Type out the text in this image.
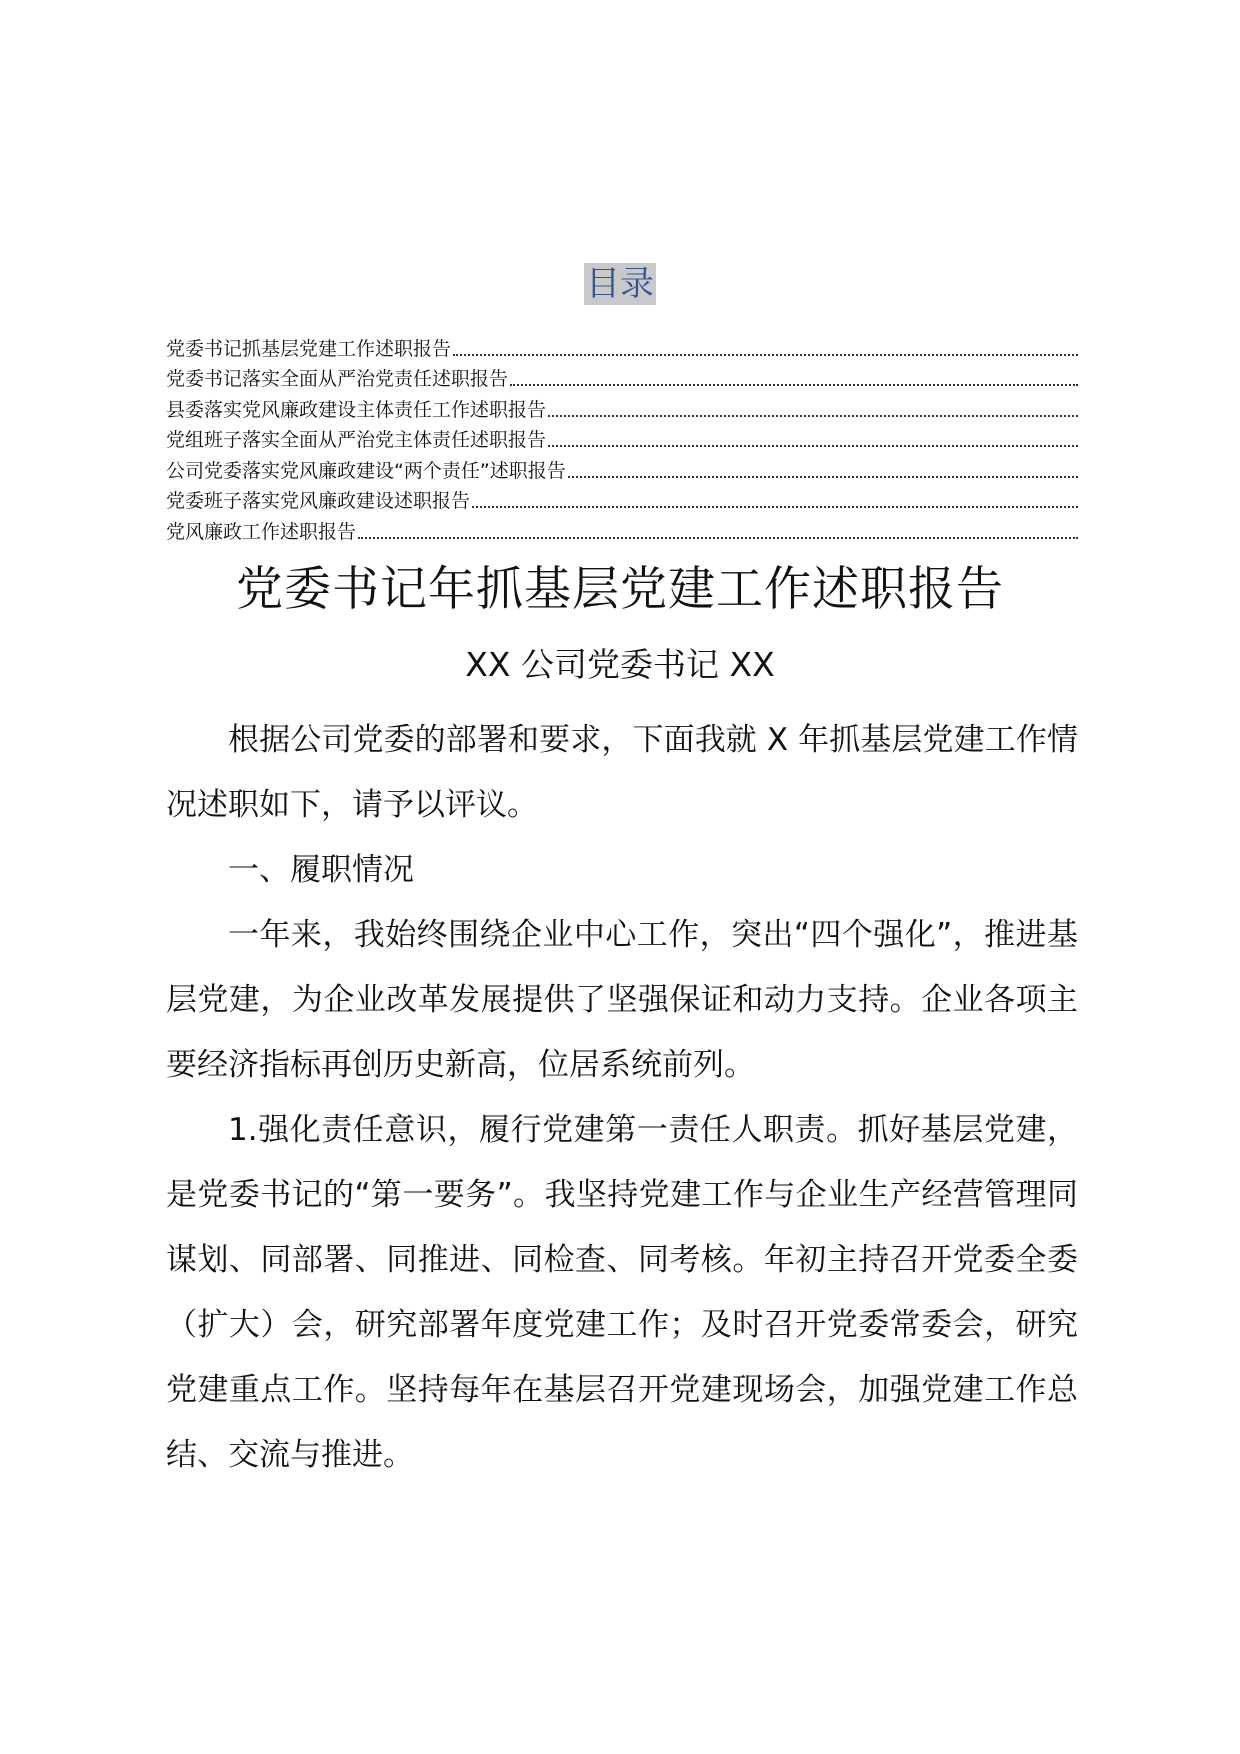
目录
党委书记抓基层党建工作述职报告
党委书记落实全面从严治党责任述职报告
县委落实党风廉政建设主体责任工作述职报告
党组班子落实全面从严治党主体责任述职报告
公司党委落实党风廉政建设“两个责任”述职报告
党委班子落实党风廉政建设述职报告
党风廉政工作述职报告
党委书记年抓基层党建工作述职报告
XX 公司党委书记 XX

根据公司党委的部署和要求，下面我就 X 年抓基层党建工作情况述职如下，请予以评议。

一、履职情况

一年来，我始终围绕企业中心工作，突出“四个强化”，推进基层党建，为企业改革发展提供了坚强保证和动力支持。企业各项主要经济指标再创历史新高，位居系统前列。

1.强化责任意识，履行党建第一责任人职责。抓好基层党建，是党委书记的“第一要务”。我坚持党建工作与企业生产经营管理同谋划、同部署、同推进、同检查、同考核。年初主持召开党委全委（扩大）会，研究部署年度党建工作；及时召开党委常委会，研究党建重点工作。坚持每年在基层召开党建现场会，加强党建工作总结、交流与推进。
